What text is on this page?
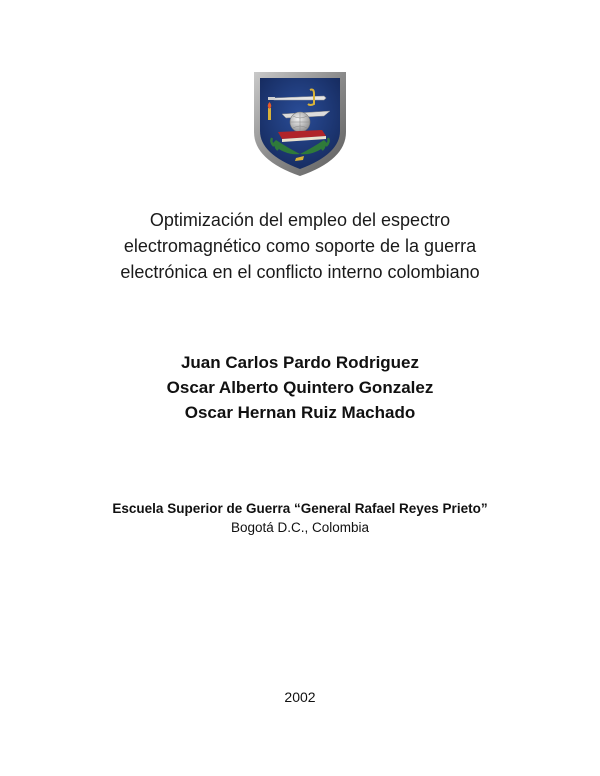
Optimización del empleo del espectro
electromagnético como soporte de la guerra
electrónica en el conflicto interno colombiano
Juan Carlos Pardo Rodriguez
Oscar Alberto Quintero Gonzalez
Oscar Hernan Ruiz Machado
Escuela Superior de Guerra “General Rafael Reyes Prieto”
Bogotá D.C., Colombia
2002
